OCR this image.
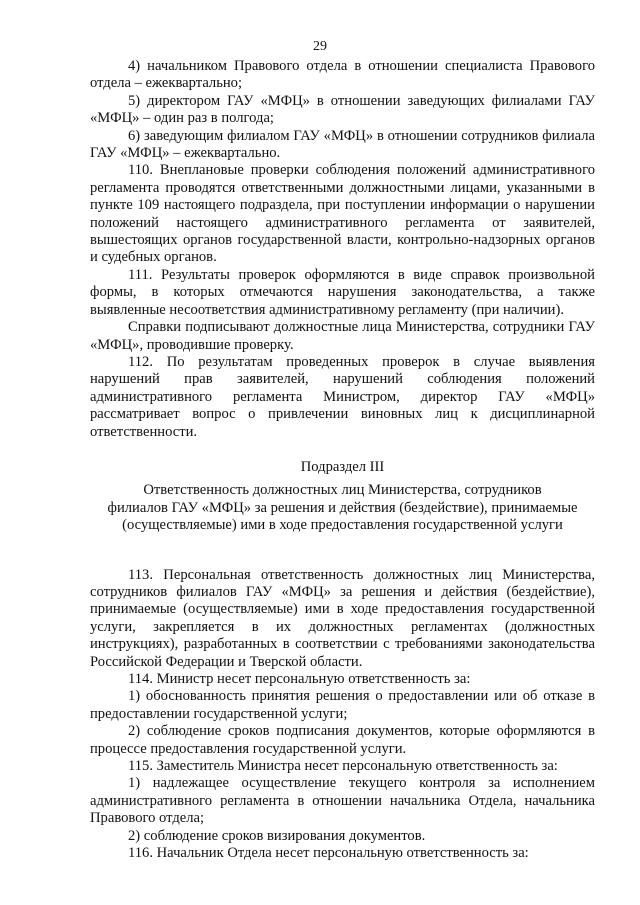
29

4) начальником Правового отдела в отношении специалиста Правового отдела – ежеквартально;

5) директором ГАУ «МФЦ» в отношении заведующих филиалами ГАУ «МФЦ» – один раз в полгода;

6) заведующим филиалом ГАУ «МФЦ» в отношении сотрудников филиала ГАУ «МФЦ» – ежеквартально.

110. Внеплановые проверки соблюдения положений административного регламента проводятся ответственными должностными лицами, указанными в пункте 109 настоящего подраздела, при поступлении информации о нарушении положений настоящего административного регламента от заявителей, вышестоящих органов государственной власти, контрольно-надзорных органов и судебных органов.

111. Результаты проверок оформляются в виде справок произвольной формы, в которых отмечаются нарушения законодательства, а также выявленные несоответствия административному регламенту (при наличии).

Справки подписывают должностные лица Министерства, сотрудники ГАУ «МФЦ», проводившие проверку.

112. По результатам проведенных проверок в случае выявления нарушений прав заявителей, нарушений соблюдения положений административного регламента Министром, директор ГАУ «МФЦ» рассматривает вопрос о привлечении виновных лиц к дисциплинарной ответственности.

Подраздел III

Ответственность должностных лиц Министерства, сотрудников

филиалов ГАУ «МФЦ» за решения и действия (бездействие), принимаемые

(осуществляемые) ими в ходе предоставления государственной услуги

113. Персональная ответственность должностных лиц Министерства, сотрудников филиалов ГАУ «МФЦ» за решения и действия (бездействие), принимаемые (осуществляемые) ими в ходе предоставления государственной услуги, закрепляется в их должностных регламентах (должностных инструкциях), разработанных в соответствии с требованиями законодательства Российской Федерации и Тверской области.

114. Министр несет персональную ответственность за:

1) обоснованность принятия решения о предоставлении или об отказе в предоставлении государственной услуги;

2) соблюдение сроков подписания документов, которые оформляются в процессе предоставления государственной услуги.

115. Заместитель Министра несет персональную ответственность за:

1) надлежащее осуществление текущего контроля за исполнением административного регламента в отношении начальника Отдела, начальника Правового отдела;

2) соблюдение сроков визирования документов.

116. Начальник Отдела несет персональную ответственность за:
